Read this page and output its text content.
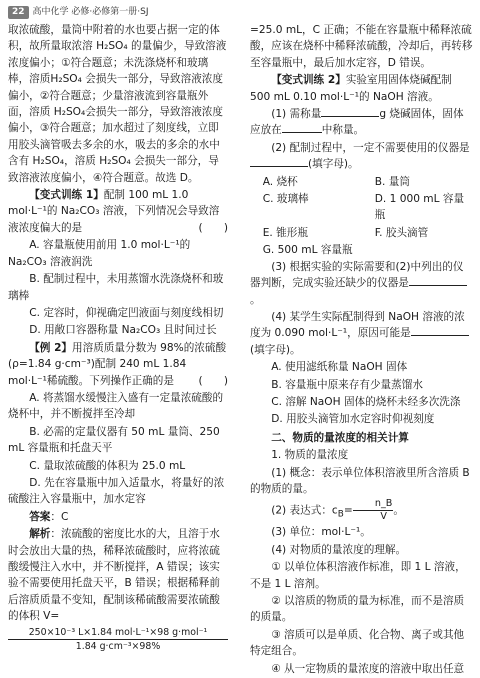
22 高中化学 必修·必修第一册·SJ

取浓硫酸，量筒中附着的水也要占据一定的体积，故所量取浓溶 H₂SO₄ 的量偏少，导致溶液浓度偏小；①符合题意；未洗涤烧杯和玻璃棒，溶质H₂SO₄ 会损失一部分，导致溶液浓度偏小，②符合题意；少量溶液流到容量瓶外面，溶质 H₂SO₄会损失一部分，导致溶液浓度偏小，③符合题意；加水超过了刻度线，立即用胶头滴管吸去多余的水，吸去的多余的水中含有 H₂SO₄，溶质 H₂SO₄ 会损失一部分，导致溶液浓度偏小，④符合题意。故选 D。

【变式训练 1】配制 100 mL 1.0 mol·L⁻¹的 Na₂CO₃ 溶液，下列情况会导致溶液浓度偏大的是	(　　)

A. 容量瓶使用前用 1.0 mol·L⁻¹的 Na₂CO₃ 溶液润洗

B. 配制过程中，未用蒸馏水洗涤烧杯和玻璃棒

C. 定容时，仰视确定凹液面与刻度线相切

D. 用敞口容器称量 Na₂CO₃ 且时间过长

【例 2】用溶质质量分数为 98%的浓硫酸(ρ=1.84 g·cm⁻³)配制 240 mL 1.84 mol·L⁻¹稀硫酸。下列操作正确的是	(　　)

A. 将蒸馏水缓慢注入盛有一定量浓硫酸的烧杯中，并不断搅拌至冷却

B. 必需的定量仪器有 50 mL 量筒、250 mL 容量瓶和托盘天平

C. 量取浓硫酸的体积为 25.0 mL

D. 先在容量瓶中加入适量水，将量好的浓硫酸注入容量瓶中，加水定容

答案：C

解析：浓硫酸的密度比水的大，且溶于水时会放出大量的热，稀释浓硫酸时，应将浓硫酸缓慢注入水中，并不断搅拌，A 错误；该实验不需要使用托盘天平，B 错误；根据稀释前后溶质质量不变知，配制该稀硫酸需要浓硫酸的体积 V=

250×10⁻³ L×1.84 mol·L⁻¹×98 g·mol⁻¹
1.84 g·cm⁻³×98%

=25.0 mL，C 正确；不能在容量瓶中稀释浓硫酸，应该在烧杯中稀释浓硫酸，冷却后，再转移至容量瓶中，最后加水定容，D 错误。

【变式训练 2】实验室用固体烧碱配制 500 mL 0.10 mol·L⁻¹的 NaOH 溶液。

(1) 需称量	g 烧碱固体，固体应放在	中称量。

(2) 配制过程中，一定不需要使用的仪器是(填字母)。

A. 烧杯	B. 量筒
C. 玻璃棒	D. 1 000 mL 容量瓶
E. 锥形瓶	F. 胶头滴管
G. 500 mL 容量瓶

(3) 根据实验的实际需要和(2)中列出的仪器判断，完成实验还缺少的仪器是。

(4) 某学生实际配制得到 NaOH 溶液的浓度为 0.090 mol·L⁻¹，原因可能是(填字母)。

A. 使用滤纸称量 NaOH 固体

B. 容量瓶中原来存有少量蒸馏水

C. 溶解 NaOH 固体的烧杯未经多次洗涤

D. 用胶头滴管加水定容时仰视刻度

二、物质的量浓度的相关计算

1. 物质的量浓度

(1) 概念：表示单位体积溶液里所含溶质 B 的物质的量。

(2) 表达式：$c_B= \frac{n\_B}{V}$ 。

(3) 单位：mol·L⁻¹。

(4) 对物质的量浓度的理解。

① 以单位体积溶液作标准，即 1 L 溶液，不是 1 L 溶剂。

② 以溶质的物质的量为标准，而不是溶质的质量。

③ 溶质可以是单质、化合物、离子或其他特定组合。

④ 从一定物质的量浓度的溶液中取出任意
